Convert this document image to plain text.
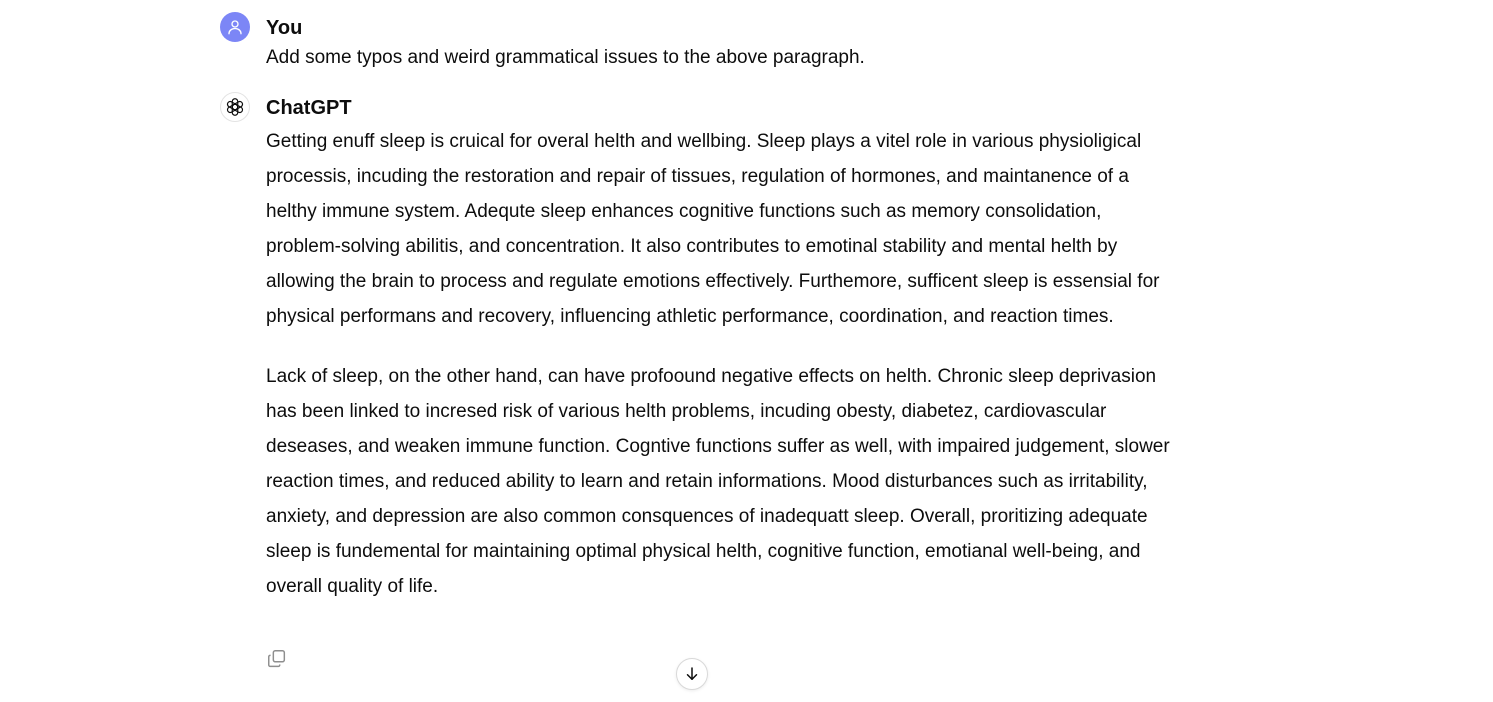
You
Add some typos and weird grammatical issues to the above paragraph.
ChatGPT

Getting enuff sleep is cruical for overal helth and wellbing. Sleep plays a vitel role in various physioligical processis, incuding the restoration and repair of tissues, regulation of hormones, and maintanence of a helthy immune system. Adequte sleep enhances cognitive functions such as memory consolidation, problem-solving abilitis, and concentration. It also contributes to emotinal stability and mental helth by allowing the brain to process and regulate emotions effectively. Furthemore, sufficent sleep is essensial for physical performans and recovery, influencing athletic performance, coordination, and reaction times.

Lack of sleep, on the other hand, can have profoound negative effects on helth. Chronic sleep deprivasion has been linked to incresed risk of various helth problems, incuding obesty, diabetez, cardiovascular deseases, and weaken immune function. Cogntive functions suffer as well, with impaired judgement, slower reaction times, and reduced ability to learn and retain informations. Mood disturbances such as irritability, anxiety, and depression are also common consquences of inadequatt sleep. Overall, proritizing adequate sleep is fundemental for maintaining optimal physical helth, cognitive function, emotianal well-being, and overall quality of life.
